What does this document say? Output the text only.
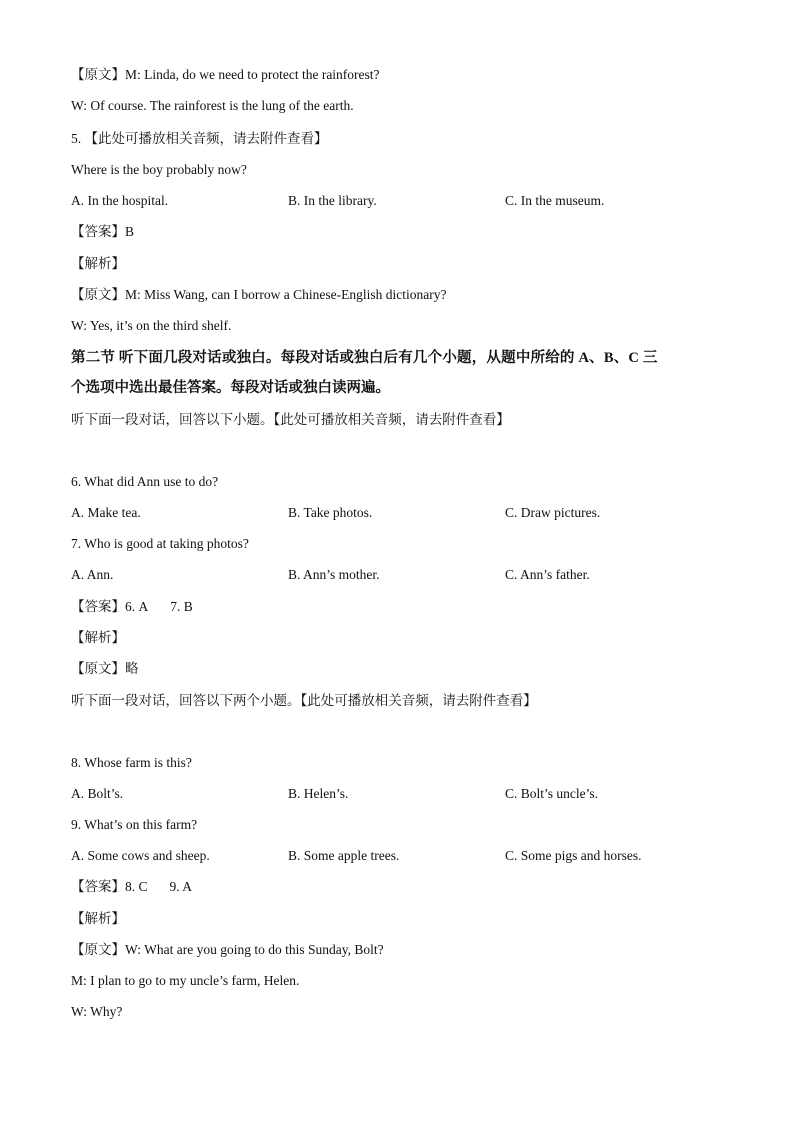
【原文】M: Linda, do we need to protect the rainforest?
W: Of course. The rainforest is the lung of the earth.
5. 【此处可播放相关音频，请去附件查看】
Where is the boy probably now?
A. In the hospital.	B. In the library.	C. In the museum.
【答案】B
【解析】
【原文】M: Miss Wang, can I borrow a Chinese-English dictionary?
W: Yes, it’s on the third shelf.
第二节 听下面几段对话或独白。每段对话或独白后有几个小题，从题中所给的 A、B、C 三
个选项中选出最佳答案。每段对话或独白读两遍。
听下面一段对话，回答以下小题。【此处可播放相关音频，请去附件查看】
6. What did Ann use to do?
A. Make tea.	B. Take photos.	C. Draw pictures.
7. Who is good at taking photos?
A. Ann.	B. Ann’s mother.	C. Ann’s father.
【答案】6. A 7. B
【解析】
【原文】略
听下面一段对话，回答以下两个小题。【此处可播放相关音频，请去附件查看】
8. Whose farm is this?
A. Bolt’s.	B. Helen’s.	C. Bolt’s uncle’s.
9. What’s on this farm?
A. Some cows and sheep.	B. Some apple trees.	C. Some pigs and horses.
【答案】8. C 9. A
【解析】
【原文】W: What are you going to do this Sunday, Bolt?
M: I plan to go to my uncle’s farm, Helen.
W: Why?
